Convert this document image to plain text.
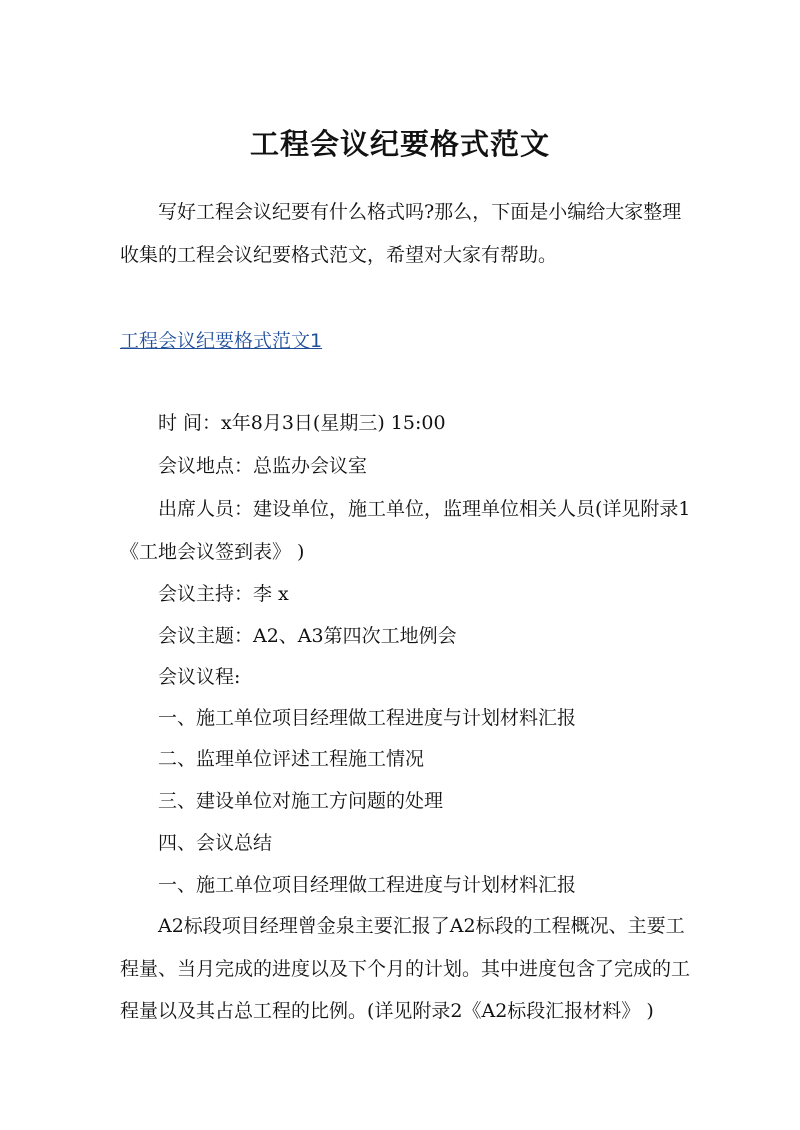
工程会议纪要格式范文
写好工程会议纪要有什么格式吗?那么，下面是小编给大家整理
收集的工程会议纪要格式范文，希望对大家有帮助。
工程会议纪要格式范文1
时 间：x年8月3日(星期三) 15:00
会议地点：总监办会议室
出席人员：建设单位，施工单位，监理单位相关人员(详见附录1
《工地会议签到表》 )
会议主持：李 x
会议主题：A2、A3第四次工地例会
会议议程:
一、施工单位项目经理做工程进度与计划材料汇报
二、监理单位评述工程施工情况
三、建设单位对施工方问题的处理
四、会议总结
一、施工单位项目经理做工程进度与计划材料汇报
A2标段项目经理曾金泉主要汇报了A2标段的工程概况、主要工
程量、当月完成的进度以及下个月的计划。其中进度包含了完成的工
程量以及其占总工程的比例。(详见附录2《A2标段汇报材料》 )
